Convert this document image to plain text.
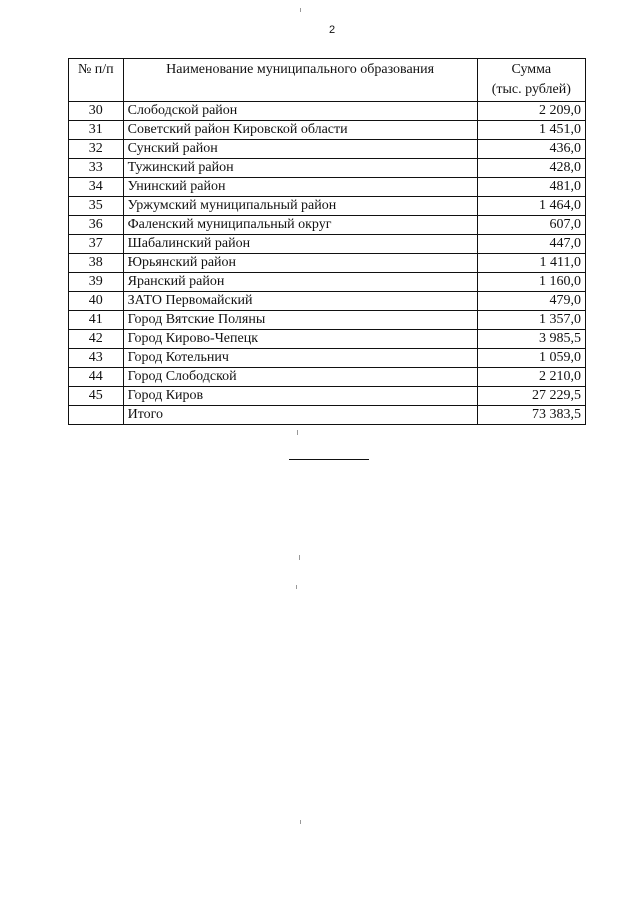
2
№ п/п	Наименование муниципального образования	Сумма
(тыс. рублей)

30	Слободской район	2 209,0
31	Советский район Кировской области	1 451,0
32	Сунский район	436,0
33	Тужинский район	428,0
34	Унинский район	481,0
35	Уржумский муниципальный район	1 464,0
36	Фаленский муниципальный округ	607,0
37	Шабалинский район	447,0
38	Юрьянский район	1 411,0
39	Яранский район	1 160,0
40	ЗАТО Первомайский	479,0
41	Город Вятские Поляны	1 357,0
42	Город Кирово-Чепецк	3 985,5
43	Город Котельнич	1 059,0
44	Город Слободской	2 210,0
45	Город Киров	27 229,5
	Итого	73 383,5
